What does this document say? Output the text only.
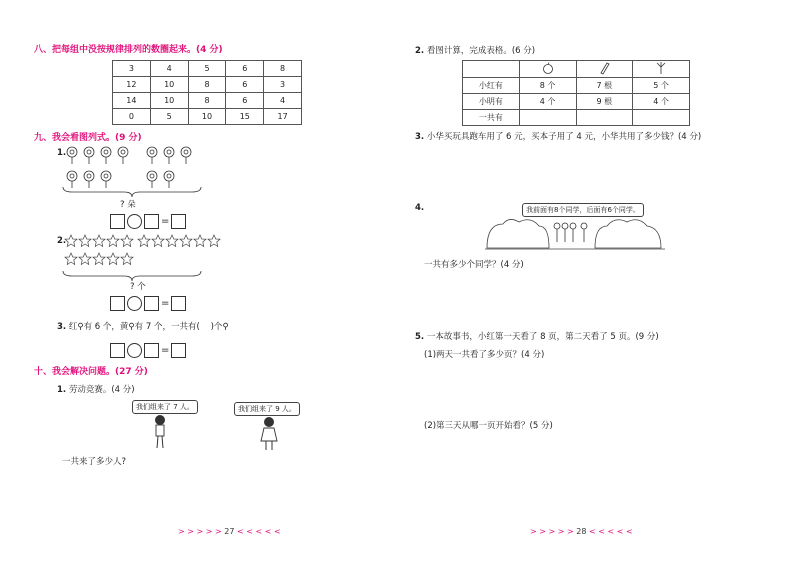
八、把每组中没按规律排列的数圈起来。(4 分)
3	4	5	6	8
12	10	8	6	3
14	10	8	6	4
0	5	10	15	17
九、我会看图列式。(9 分)
1.
? 朵
=
2.
? 个
=
3. 红⚲有 6 个，黄⚲有 7 个，一共有( )个⚲
=
十、我会解决问题。(27 分)
1. 劳动竞赛。(4 分)
我们组来了 7 人。	我们组来了 9 人。
一共来了多少人?
> > > > > 27 < < < < <
2. 看图计算，完成表格。(6 分)

小红有	8 个	7 根	5 个
小明有	4 个	9 根	4 个
一共有			
3. 小华买玩具跑车用了 6 元，买本子用了 4 元，小华共用了多少钱？(4 分)
4.	我前面有8个同学，后面有6个同学。
一共有多少个同学？(4 分)
5. 一本故事书，小红第一天看了 8 页，第二天看了 5 页。(9 分)
(1)两天一共看了多少页？(4 分)
(2)第三天从哪一页开始看？(5 分)
> > > > > 28 < < < < <
